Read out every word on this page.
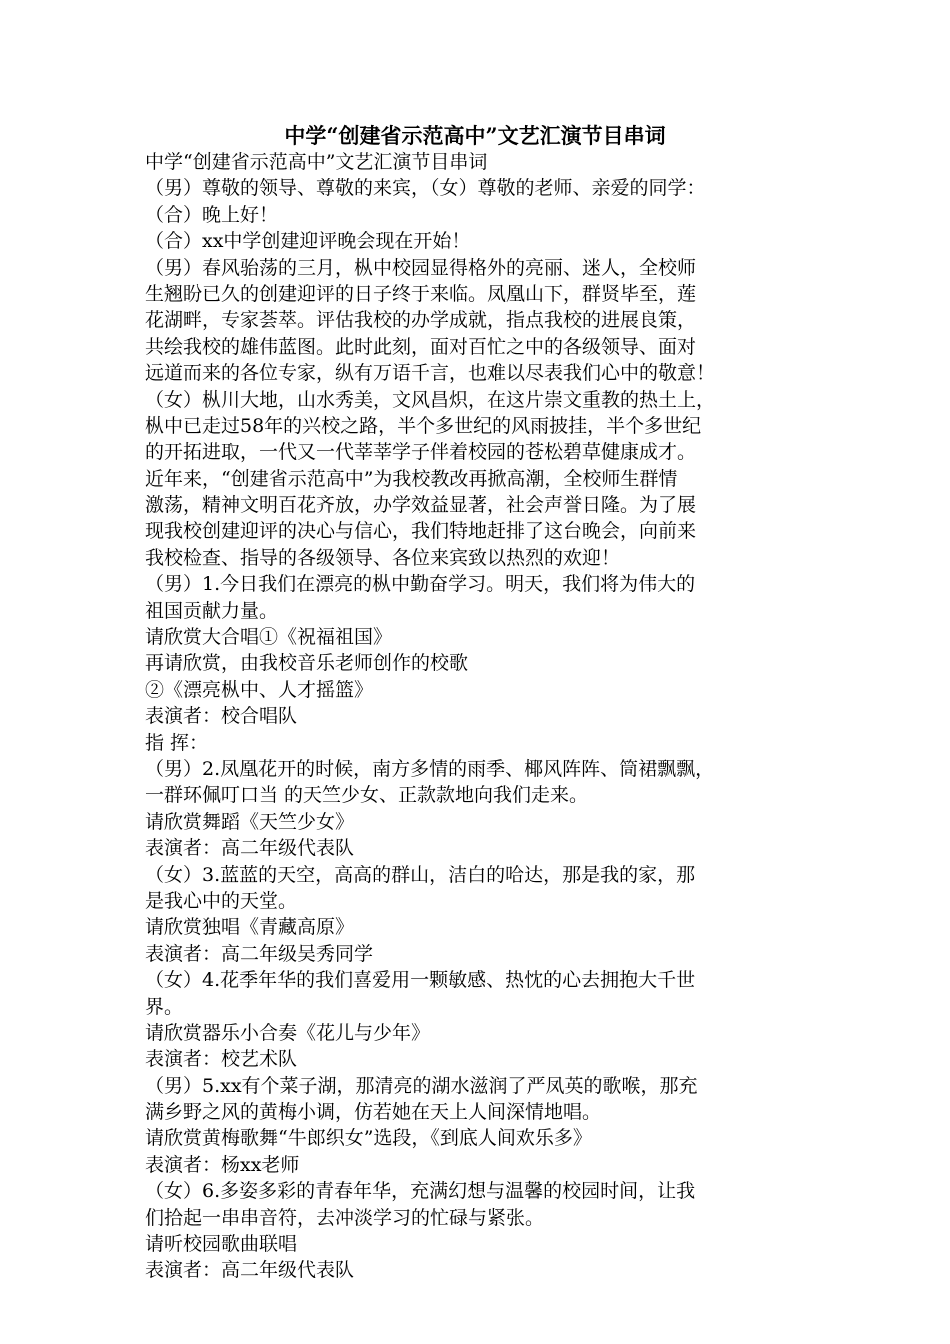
中学“创建省示范高中”文艺汇演节目串词
中学“创建省示范高中”文艺汇演节目串词
（男）尊敬的领导、尊敬的来宾，（女）尊敬的老师、亲爱的同学：
（合）晚上好！
（合）xx中学创建迎评晚会现在开始！
（男）春风骀荡的三月，枞中校园显得格外的亮丽、迷人，全校师
生翘盼已久的创建迎评的日子终于来临。凤凰山下，群贤毕至，莲
花湖畔，专家荟萃。评估我校的办学成就，指点我校的进展良策，
共绘我校的雄伟蓝图。此时此刻，面对百忙之中的各级领导、面对
远道而来的各位专家，纵有万语千言，也难以尽表我们心中的敬意！
（女）枞川大地，山水秀美，文风昌炽，在这片崇文重教的热土上，
枞中已走过58年的兴校之路，半个多世纪的风雨披挂，半个多世纪
的开拓进取，一代又一代莘莘学子伴着校园的苍松碧草健康成才。
近年来，“创建省示范高中”为我校教改再掀高潮，全校师生群情
激荡，精神文明百花齐放，办学效益显著，社会声誉日隆。为了展
现我校创建迎评的决心与信心，我们特地赶排了这台晚会，向前来
我校检查、指导的各级领导、各位来宾致以热烈的欢迎！
（男）1.今日我们在漂亮的枞中勤奋学习。明天，我们将为伟大的
祖国贡献力量。
请欣赏大合唱①《祝福祖国》
再请欣赏，由我校音乐老师创作的校歌
②《漂亮枞中、人才摇篮》
表演者：校合唱队
指 挥：
（男）2.凤凰花开的时候，南方多情的雨季、椰风阵阵、筒裙飘飘，
一群环佩叮口当 的天竺少女、正款款地向我们走来。
请欣赏舞蹈《天竺少女》
表演者：高二年级代表队
（女）3.蓝蓝的天空，高高的群山，洁白的哈达，那是我的家，那
是我心中的天堂。
请欣赏独唱《青藏高原》
表演者：高二年级吴秀同学
（女）4.花季年华的我们喜爱用一颗敏感、热忱的心去拥抱大千世
界。
请欣赏器乐小合奏《花儿与少年》
表演者：校艺术队
（男）5.xx有个菜子湖，那清亮的湖水滋润了严凤英的歌喉，那充
满乡野之风的黄梅小调，仿若她在天上人间深情地唱。
请欣赏黄梅歌舞“牛郎织女”选段，《到底人间欢乐多》
表演者：杨xx老师
（女）6.多姿多彩的青春年华，充满幻想与温馨的校园时间，让我
们拾起一串串音符，去冲淡学习的忙碌与紧张。
请听校园歌曲联唱
表演者：高二年级代表队
